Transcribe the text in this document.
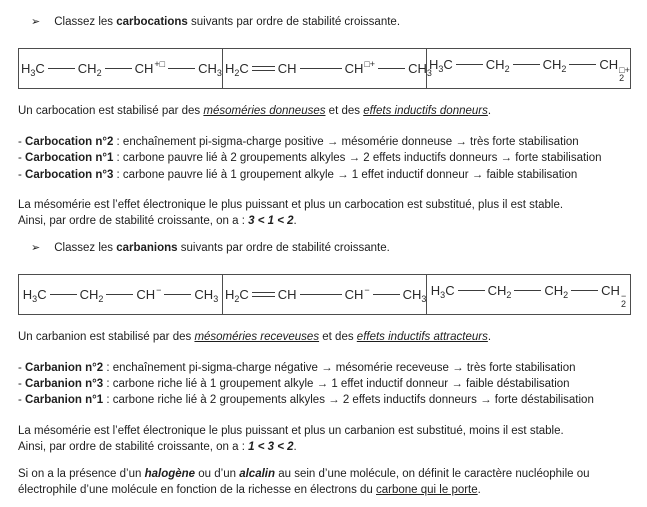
➢ Classez les carbocations suivants par ordre de stabilité croissante.
$H_3C$	$CH_2$	CH+□	$CH_3$	$H_2C$ CH	CH□+	$CH_3$	$H_3C$	$CH_2$	$CH_2$	CH □+
2
Un carbocation est stabilisé par des mésoméries donneuses et des effets inductifs donneurs.
- Carbocation n°2 : enchaînement pi-sigma-charge positive → mésomérie donneuse → très forte stabilisation
- Carbocation n°1 : carbone pauvre lié à 2 groupements alkyles → 2 effets inductifs donneurs → forte stabilisation
- Carbocation n°3 : carbone pauvre lié à 1 groupement alkyle → 1 effet inductif donneur → faible stabilisation
La mésomérie est l’effet électronique le plus puissant et plus un carbocation est substitué, plus il est stable.
Ainsi, par ordre de stabilité croissante, on a : 3 < 1 < 2.
➢ Classez les carbanions suivants par ordre de stabilité croissante.
$H_3C$	$CH_2$	CH−	$CH_3$	$H_2C$ CH	CH−	$CH_3$	$H_3C$	$CH_2$	$CH_2$	CH −
2
Un carbanion est stabilisé par des mésoméries receveuses et des effets inductifs attracteurs.
- Carbanion n°2 : enchaînement pi-sigma-charge négative → mésomérie receveuse → très forte stabilisation
- Carbanion n°3 : carbone riche lié à 1 groupement alkyle → 1 effet inductif donneur → faible déstabilisation
- Carbanion n°1 : carbone riche lié à 2 groupements alkyles → 2 effets inductifs donneurs → forte déstabilisation
La mésomérie est l’effet électronique le plus puissant et plus un carbanion est substitué, moins il est stable.
Ainsi, par ordre de stabilité croissante, on a : 1 < 3 < 2.
Si on a la présence d’un halogène ou d’un alcalin au sein d’une molécule, on définit le caractère nucléophile ou électrophile d’une molécule en fonction de la richesse en électrons du carbone qui le porte.
